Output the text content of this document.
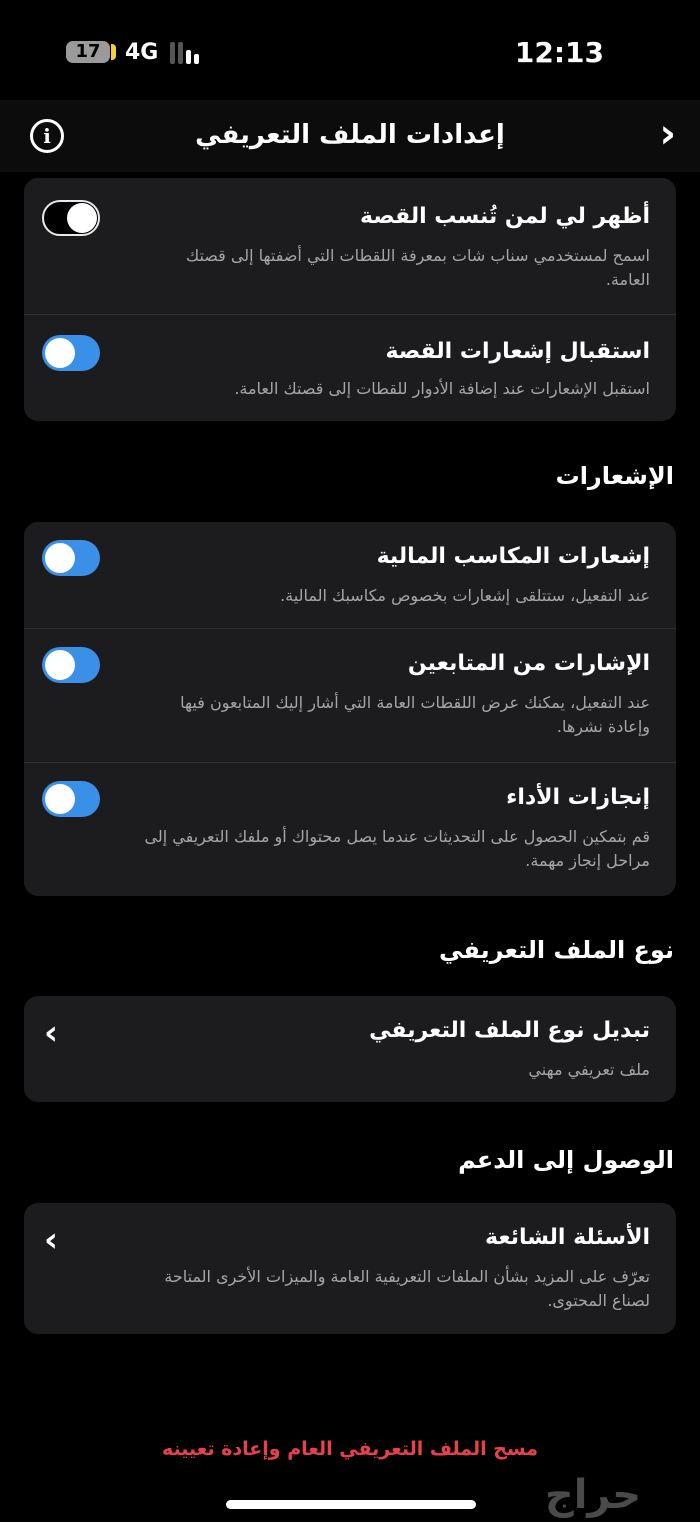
17	4G	12:13
i	إعدادات الملف التعريفي	›
أظهر لي لمن تُنسب القصة
اسمح لمستخدمي سناب شات بمعرفة اللقطات التي أضفتها إلى قصتك العامة.
استقبال إشعارات القصة
استقبل الإشعارات عند إضافة الأدوار للقطات إلى قصتك العامة.
الإشعارات
إشعارات المكاسب المالية
عند التفعيل، ستتلقى إشعارات بخصوص مكاسبك المالية.
الإشارات من المتابعين
عند التفعيل، يمكنك عرض اللقطات العامة التي أشار إليك المتابعون فيها وإعادة نشرها.
إنجازات الأداء
قم بتمكين الحصول على التحديثات عندما يصل محتواك أو ملفك التعريفي إلى مراحل إنجاز مهمة.
نوع الملف التعريفي
تبديل نوع الملف التعريفي
ملف تعريفي مهني
‹
الوصول إلى الدعم
الأسئلة الشائعة
تعرّف على المزيد بشأن الملفات التعريفية العامة والميزات الأخرى المتاحة لصناع المحتوى.
‹
مسح الملف التعريفي العام وإعادة تعيينه
حراج
